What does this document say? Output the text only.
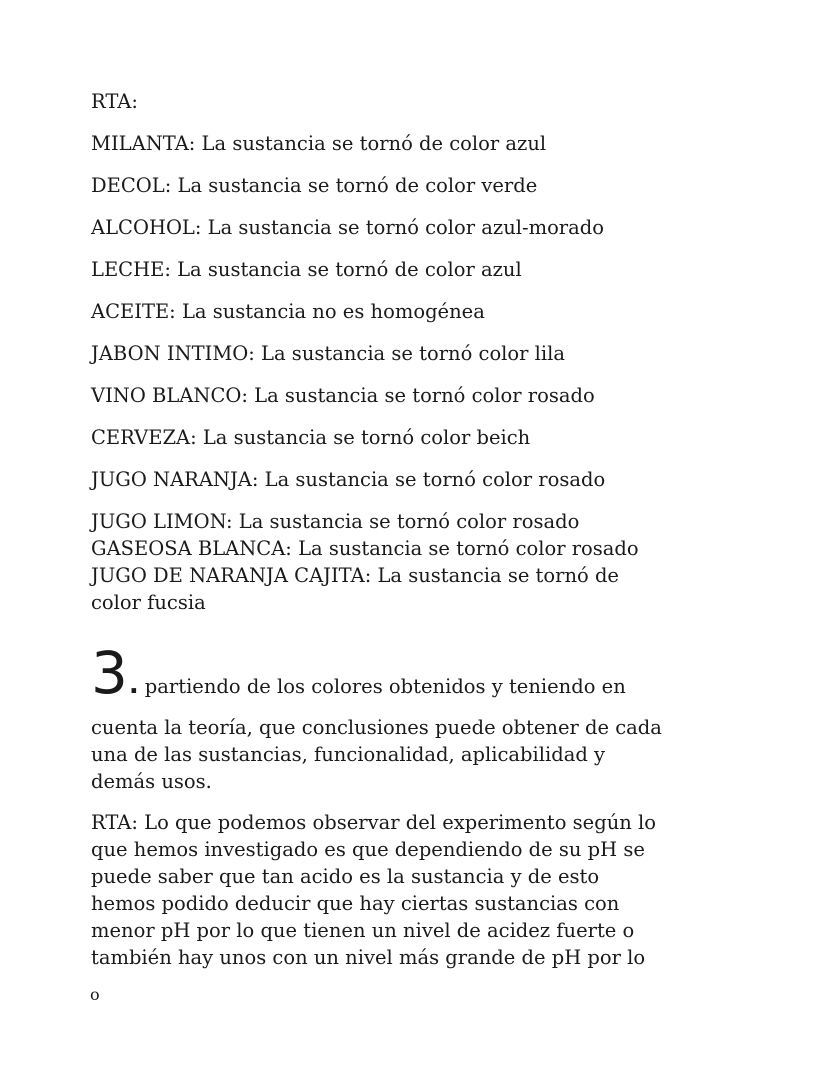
RTA:

MILANTA: La sustancia se tornó de color azul

DECOL: La sustancia se tornó de color verde

ALCOHOL: La sustancia se tornó color azul-morado

LECHE: La sustancia se tornó de color azul

ACEITE: La sustancia no es homogénea

JABON INTIMO: La sustancia se tornó color lila

VINO BLANCO: La sustancia se tornó color rosado

CERVEZA: La sustancia se tornó color beich

JUGO NARANJA: La sustancia se tornó color rosado

JUGO LIMON: La sustancia se tornó color rosado
GASEOSA BLANCA: La sustancia se tornó color rosado
JUGO DE NARANJA CAJITA: La sustancia se tornó de
color fucsia
3 . partiendo de los colores obtenidos y teniendo en
cuenta la teoría, que conclusiones puede obtener de cada
una de las sustancias, funcionalidad, aplicabilidad y
demás usos.
RTA: Lo que podemos observar del experimento según lo
que hemos investigado es que dependiendo de su pH se
puede saber que tan acido es la sustancia y de esto
hemos podido deducir que hay ciertas sustancias con
menor pH por lo que tienen un nivel de acidez fuerte o
también hay unos con un nivel más grande de pH por lo
o
